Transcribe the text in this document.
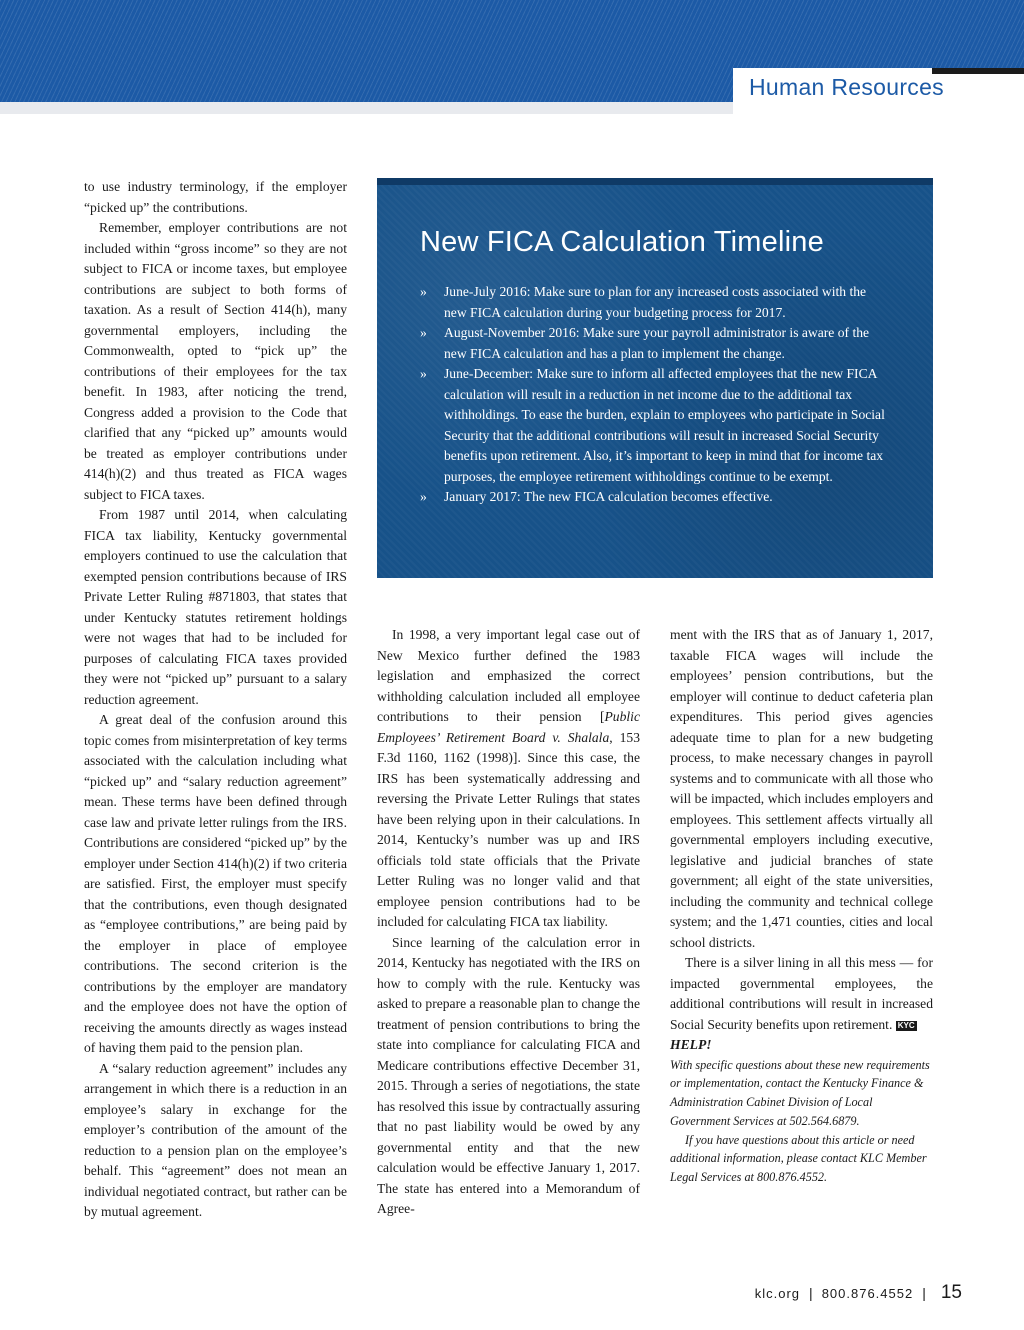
Human Resources

to use industry terminology, if the employer “picked up” the contributions.

Remember, employer contributions are not included within “gross income” so they are not subject to FICA or income taxes, but employee contributions are subject to both forms of taxation. As a result of Section 414(h), many governmental employers, including the Commonwealth, opted to “pick up” the contributions of their employees for the tax benefit. In 1983, after noticing the trend, Congress added a provision to the Code that clarified that any “picked up” amounts would be treated as employer contributions under 414(h)(2) and thus treated as FICA wages subject to FICA taxes.

From 1987 until 2014, when calculating FICA tax liability, Kentucky governmental employers continued to use the calculation that exempted pension contributions because of IRS Private Letter Ruling #871803, that states that under Kentucky statutes retirement holdings were not wages that had to be included for purposes of calculating FICA taxes provided they were not “picked up” pursuant to a salary reduction agreement.

A great deal of the confusion around this topic comes from misinterpretation of key terms associated with the calculation including what “picked up” and “salary reduction agreement” mean. These terms have been defined through case law and private letter rulings from the IRS. Contributions are considered “picked up” by the employer under Section 414(h)(2) if two criteria are satisfied. First, the employer must specify that the contributions, even though designated as “employee contributions,” are being paid by the employer in place of employee contributions. The second criterion is the contributions by the employer are mandatory and the employee does not have the option of receiving the amounts directly as wages instead of having them paid to the pension plan.

A “salary reduction agreement” includes any arrangement in which there is a reduction in an employee’s salary in exchange for the employer’s contribution of the amount of the reduction to a pension plan on the employee’s behalf. This “agreement” does not mean an individual negotiated contract, but rather can be by mutual agreement.

New FICA Calculation Timeline
» June-July 2016: Make sure to plan for any increased costs associated with the new FICA calculation during your budgeting process for 2017.
» August-November 2016: Make sure your payroll administrator is aware of the new FICA calculation and has a plan to implement the change.
» June-December: Make sure to inform all affected employees that the new FICA calculation will result in a reduction in net income due to the additional tax withholdings. To ease the burden, explain to employees who participate in Social Security that the additional contributions will result in increased Social Security benefits upon retirement. Also, it’s important to keep in mind that for income tax purposes, the employee retirement withholdings continue to be exempt.
» January 2017: The new FICA calculation becomes effective.

In 1998, a very important legal case out of New Mexico further defined the 1983 legislation and emphasized the correct withholding calculation included all employee contributions to their pension [Public Employees’ Retirement Board v. Shalala, 153 F.3d 1160, 1162 (1998)]. Since this case, the IRS has been systematically addressing and reversing the Private Letter Rulings that states have been relying upon in their calculations. In 2014, Kentucky’s number was up and IRS officials told state officials that the Private Letter Ruling was no longer valid and that employee pension contributions had to be included for calculating FICA tax liability.

Since learning of the calculation error in 2014, Kentucky has negotiated with the IRS on how to comply with the rule. Kentucky was asked to prepare a reasonable plan to change the treatment of pension contributions to bring the state into compliance for calculating FICA and Medicare contributions effective December 31, 2015. Through a series of negotiations, the state has resolved this issue by contractually assuring that no past liability would be owed by any governmental entity and that the new calculation would be effective January 1, 2017. The state has entered into a Memorandum of Agree-

ment with the IRS that as of January 1, 2017, taxable FICA wages will include the employees’ pension contributions, but the employer will continue to deduct cafeteria plan expenditures. This period gives agencies adequate time to plan for a new budgeting process, to make necessary changes in payroll systems and to communicate with all those who will be impacted, which includes employers and employees. This settlement affects virtually all governmental employers including executive, legislative and judicial branches of state government; all eight of the state universities, including the community and technical college system; and the 1,471 counties, cities and local school districts.

There is a silver lining in all this mess — for impacted governmental employees, the additional contributions will result in increased Social Security benefits upon retirement. KYC

HELP!

With specific questions about these new requirements or implementation, contact the Kentucky Finance & Administration Cabinet Division of Local Government Services at 502.564.6879.

If you have questions about this article or need additional information, please contact KLC Member Legal Services at 800.876.4552.

klc.org | 800.876.4552 | 15
